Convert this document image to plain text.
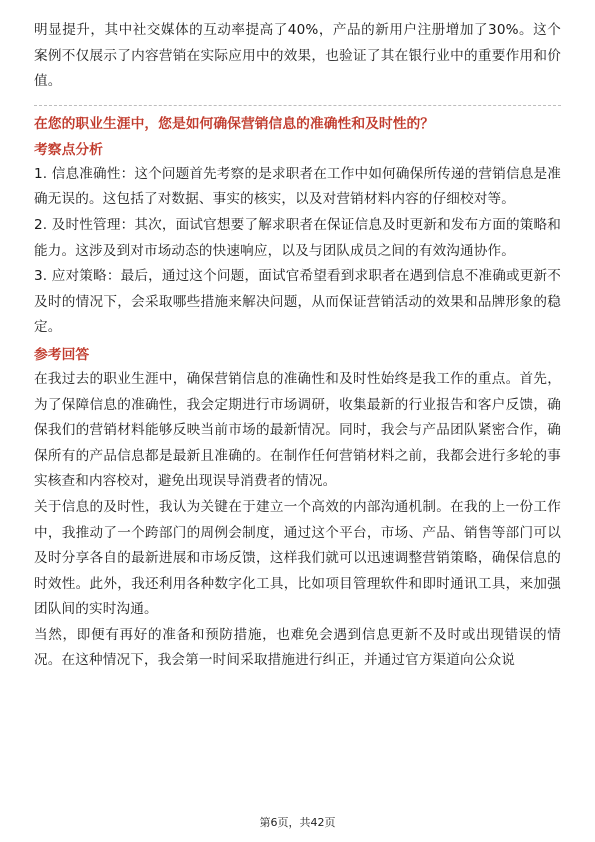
明显提升，其中社交媒体的互动率提高了40%，产品的新用户注册增加了30%。这个案例不仅展示了内容营销在实际应用中的效果，也验证了其在银行业中的重要作用和价值。

在您的职业生涯中，您是如何确保营销信息的准确性和及时性的？

考察点分析

1. 信息准确性：这个问题首先考察的是求职者在工作中如何确保所传递的营销信息是准确无误的。这包括了对数据、事实的核实，以及对营销材料内容的仔细校对等。

2. 及时性管理：其次，面试官想要了解求职者在保证信息及时更新和发布方面的策略和能力。这涉及到对市场动态的快速响应，以及与团队成员之间的有效沟通协作。

3. 应对策略：最后，通过这个问题，面试官希望看到求职者在遇到信息不准确或更新不及时的情况下，会采取哪些措施来解决问题，从而保证营销活动的效果和品牌形象的稳定。

参考回答

在我过去的职业生涯中，确保营销信息的准确性和及时性始终是我工作的重点。首先，为了保障信息的准确性，我会定期进行市场调研，收集最新的行业报告和客户反馈，确保我们的营销材料能够反映当前市场的最新情况。同时，我会与产品团队紧密合作，确保所有的产品信息都是最新且准确的。在制作任何营销材料之前，我都会进行多轮的事实核查和内容校对，避免出现误导消费者的情况。

关于信息的及时性，我认为关键在于建立一个高效的内部沟通机制。在我的上一份工作中，我推动了一个跨部门的周例会制度，通过这个平台，市场、产品、销售等部门可以及时分享各自的最新进展和市场反馈，这样我们就可以迅速调整营销策略，确保信息的时效性。此外，我还利用各种数字化工具，比如项目管理软件和即时通讯工具，来加强团队间的实时沟通。

当然，即便有再好的准备和预防措施，也难免会遇到信息更新不及时或出现错误的情况。在这种情况下，我会第一时间采取措施进行纠正，并通过官方渠道向公众说

第6页，共42页
